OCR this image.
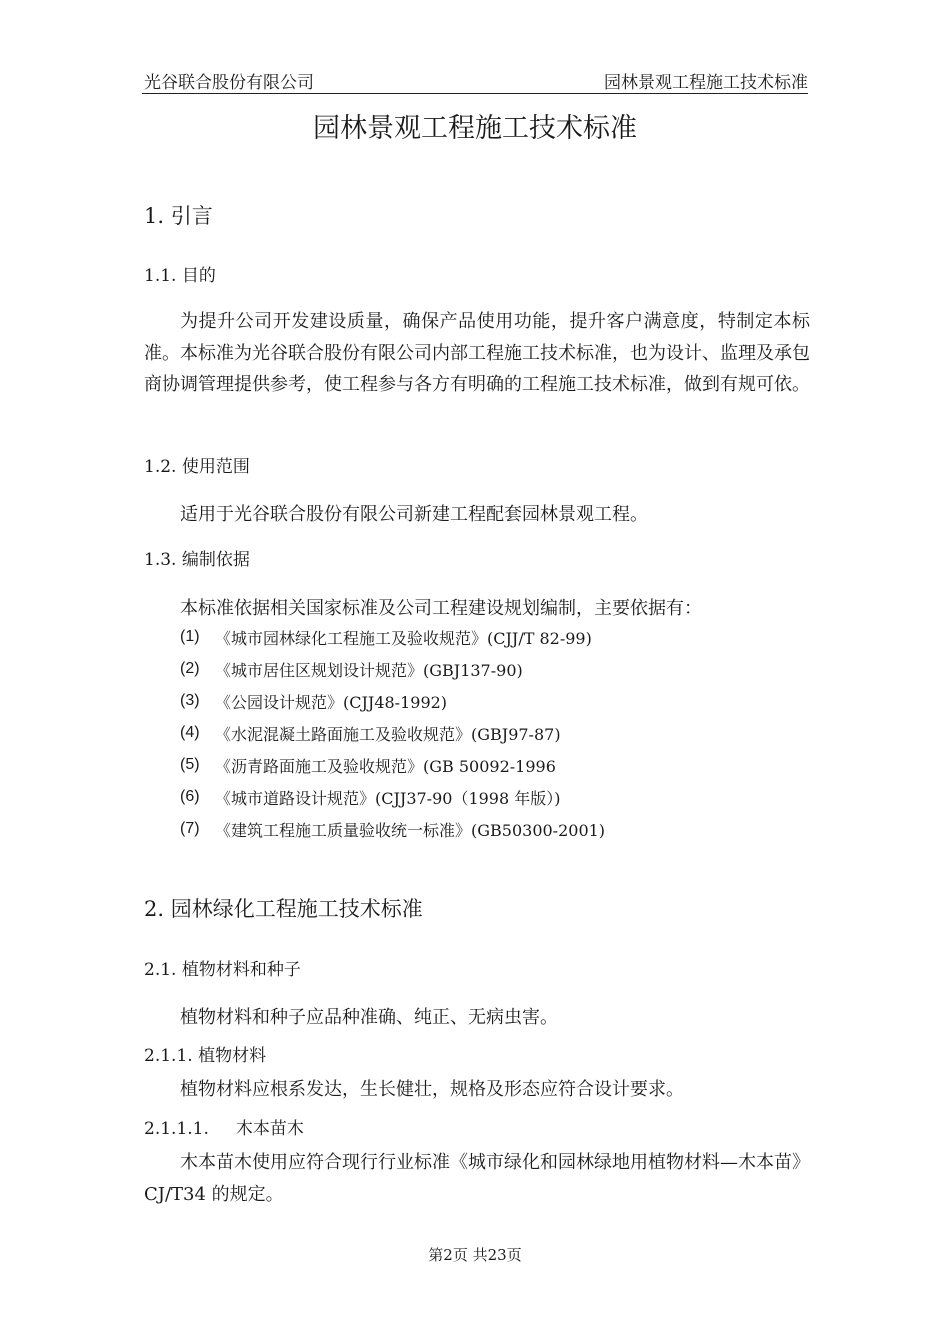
光谷联合股份有限公司	园林景观工程施工技术标准
园林景观工程施工技术标准
1. 引言
1.1. 目的
为提升公司开发建设质量，确保产品使用功能，提升客户满意度，特制定本标准。本标准为光谷联合股份有限公司内部工程施工技术标准，也为设计、监理及承包商协调管理提供参考，使工程参与各方有明确的工程施工技术标准，做到有规可依。
1.2. 使用范围
适用于光谷联合股份有限公司新建工程配套园林景观工程。
1.3. 编制依据
本标准依据相关国家标准及公司工程建设规划编制，主要依据有：
(1) 《城市园林绿化工程施工及验收规范》(CJJ/T 82-99)
(2) 《城市居住区规划设计规范》(GBJ137-90)
(3) 《公园设计规范》(CJJ48-1992)
(4) 《水泥混凝土路面施工及验收规范》(GBJ97-87)
(5) 《沥青路面施工及验收规范》(GB 50092-1996
(6) 《城市道路设计规范》(CJJ37-90（1998 年版）)
(7) 《建筑工程施工质量验收统一标准》(GB50300-2001)
2. 园林绿化工程施工技术标准
2.1. 植物材料和种子
植物材料和种子应品种准确、纯正、无病虫害。
2.1.1. 植物材料
植物材料应根系发达，生长健壮，规格及形态应符合设计要求。
2.1.1.1.     木本苗木
木本苗木使用应符合现行行业标准《城市绿化和园林绿地用植物材料—木本苗》CJ/T34 的规定。
第2页 共23页
